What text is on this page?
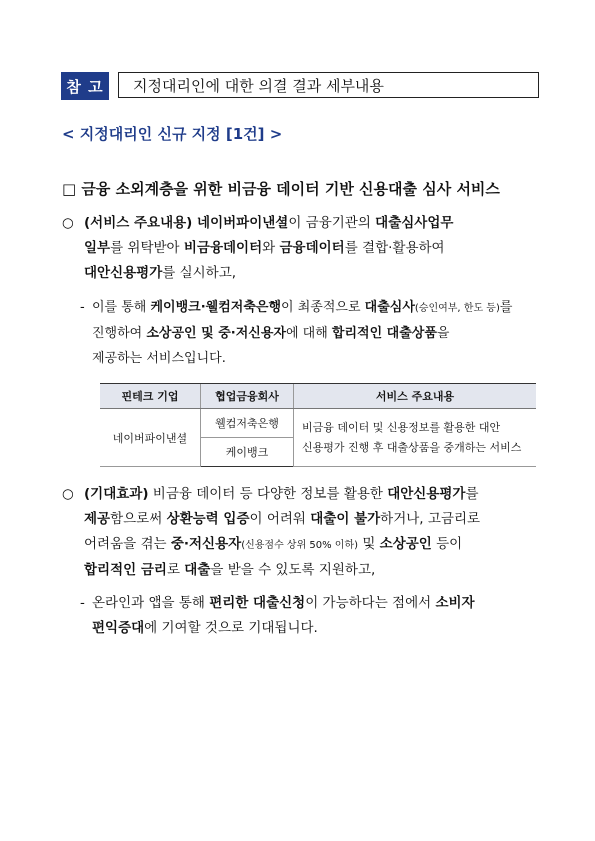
참 고	지정대리인에 대한 의결 결과 세부내용
< 지정대리인 신규 지정 [1건] >
□ 금융 소외계층을 위한 비금융 데이터 기반 신용대출 심사 서비스
○ (서비스 주요내용) 네이버파이낸셜이 금융기관의 대출심사업무
일부를 위탁받아 비금융데이터와 금융데이터를 결합·활용하여
대안신용평가를 실시하고,
- 이를 통해 케이뱅크·웰컴저축은행이 최종적으로 대출심사(승인여부, 한도 등)를
진행하여 소상공인 및 중·저신용자에 대해 합리적인 대출상품을
제공하는 서비스입니다.
핀테크 기업	협업금융회사	서비스 주요내용
네이버파이낸셜	웰컴저축은행	비금융 데이터 및 신용정보를 활용한 대안
신용평가 진행 후 대출상품을 중개하는 서비스

	케이뱅크	
○ (기대효과) 비금융 데이터 등 다양한 정보를 활용한 대안신용평가를
제공함으로써 상환능력 입증이 어려워 대출이 불가하거나, 고금리로
어려움을 겪는 중·저신용자(신용점수 상위 50% 이하) 및 소상공인 등이
합리적인 금리로 대출을 받을 수 있도록 지원하고,
- 온라인과 앱을 통해 편리한 대출신청이 가능하다는 점에서 소비자
편익증대에 기여할 것으로 기대됩니다.
